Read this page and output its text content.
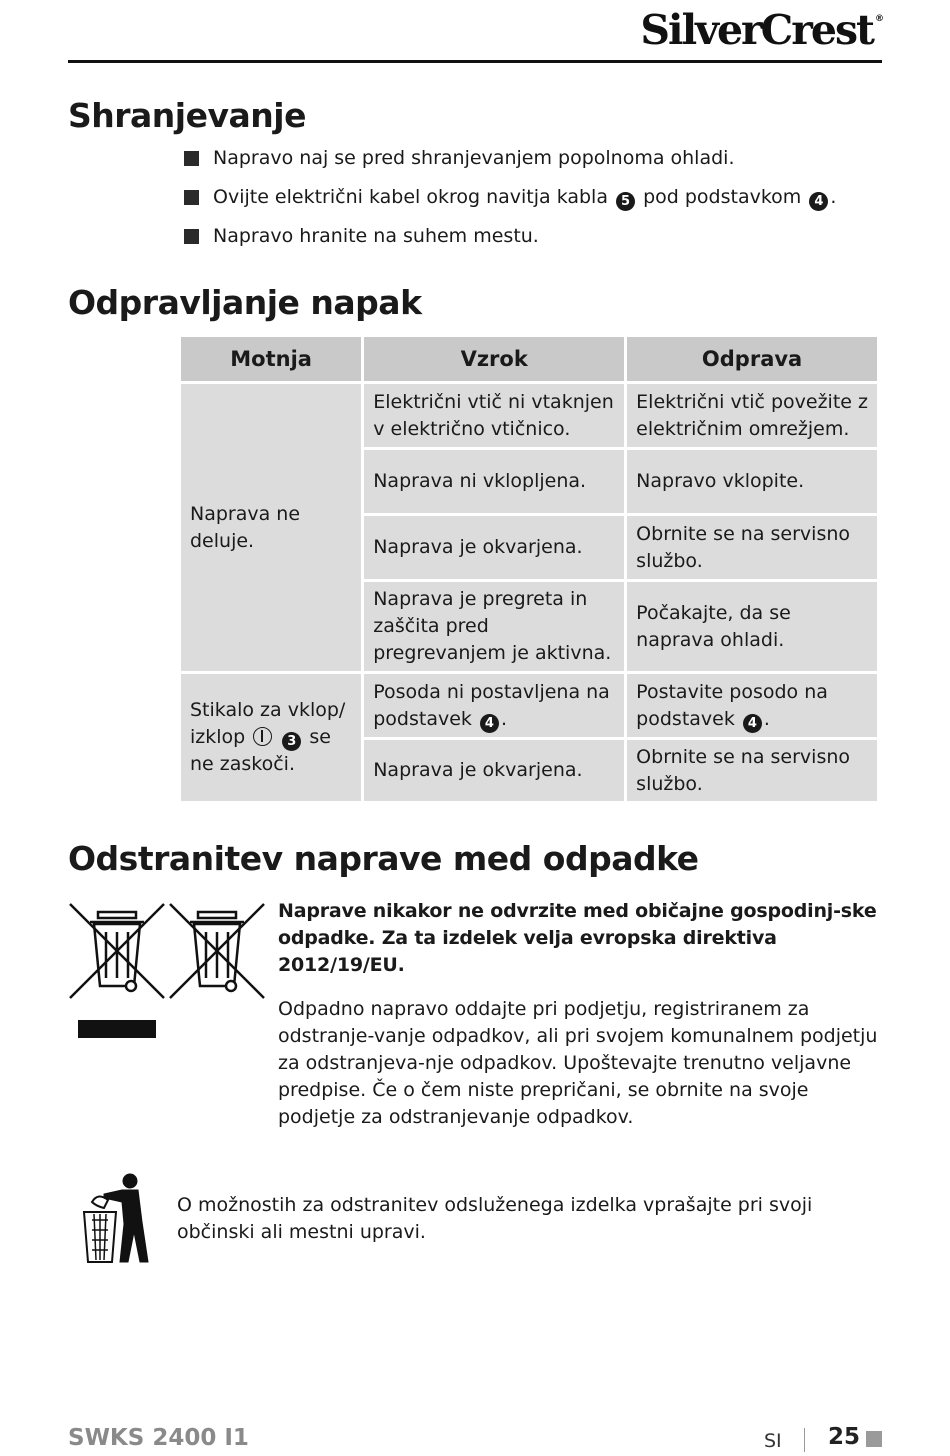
SilverCrest ®
Shranjevanje
Napravo naj se pred shranjevanjem popolnoma ohladi.
Ovijte električni kabel okrog navitja kabla 5 pod podstavkom 4 .
Napravo hranite na suhem mestu.
Odpravljanje napak
Motnja	Vzrok	Odprava
Naprava ne deluje.	Električni vtič ni vtaknjen v električno vtičnico.	Električni vtič povežite z električnim omrežjem.
	Naprava ni vklopljena.	Napravo vklopite.
	Naprava je okvarjena.	Obrnite se na servisno službo.
	Naprava je pregreta in zaščita pred pregrevanjem je aktivna.	Počakajte, da se naprava ohladi.
Stikalo za vklop/ izklop 3 se ne zaskoči.	Posoda ni postavljena na podstavek 4 .	Postavite posodo na podstavek 4 .
	Naprava je okvarjena.	Obrnite se na servisno službo.
Odstranitev naprave med odpadke

Naprave nikakor ne odvrzite med običajne gospodinj-ske odpadke. Za ta izdelek velja evropska direktiva 2012/19/EU.

Odpadno napravo oddajte pri podjetju, registriranem za odstranje-vanje odpadkov, ali pri svojem komunalnem podjetju za odstranjeva-nje odpadkov. Upoštevajte trenutno veljavne predpise. Če o čem niste prepričani, se obrnite na svoje podjetje za odstranjevanje odpadkov.

O možnostih za odstranitev odsluženega izdelka vprašajte pri svoji občinski ali mestni upravi.

SWKS 2400 I1	SI 25
